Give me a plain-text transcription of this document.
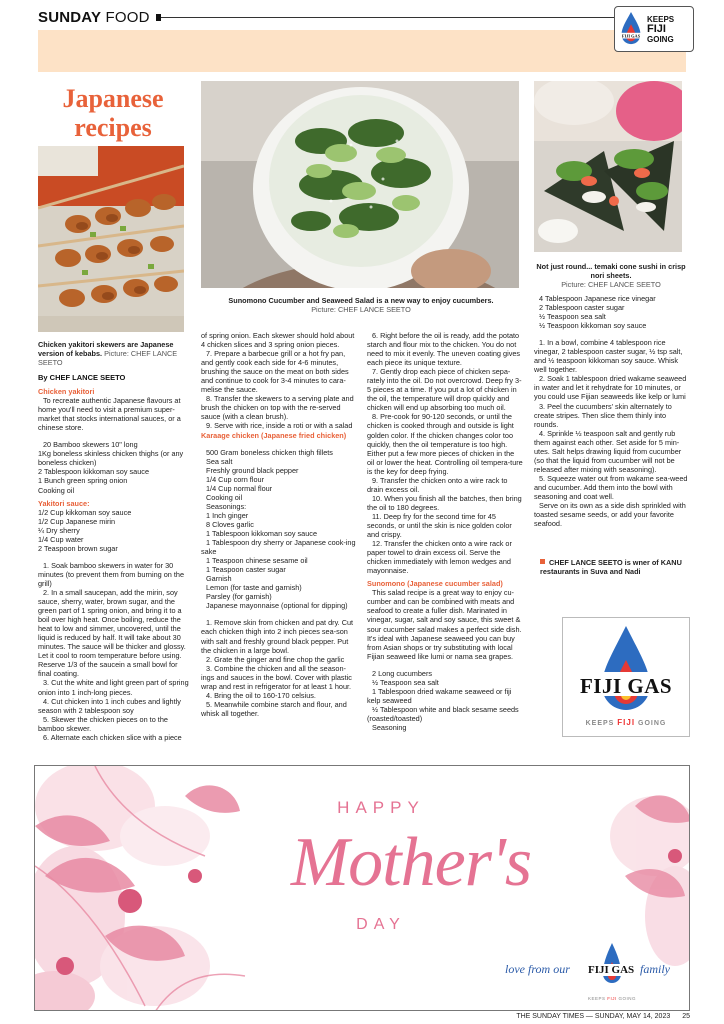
SUNDAY FOOD
FIJI GAS
KEEPS
FIJI
GOING
Japanese
recipes
Chicken yakitori skewers are Japanese version of kebabs. Picture: CHEF LANCE SEETO
Sunomono Cucumber and Seaweed Salad is a new way to enjoy cucumbers.
Picture: CHEF LANCE SEETO
Not just round... temaki cone sushi in crisp nori sheets.
Picture: CHEF LANCE SEETO
By CHEF LANCE SEETO

Chicken yakitori

To recreate authentic Japanese flavours at home you'll need to visit a premium super-market that stocks international sauces, or a chinese store.

20 Bamboo skewers 10" long

1Kg boneless skinless chicken thighs (or any boneless chicken)

2 Tablespoon kikkoman soy sauce

1 Bunch green spring onion

Cooking oil

Yakitori sauce:

1/2 Cup kikkoman soy sauce

1/2 Cup Japanese mirin

¼ Dry sherry

1/4 Cup water

2 Teaspoon brown sugar

1. Soak bamboo skewers in water for 30 minutes (to prevent them from burning on the grill)

2. In a small saucepan, add the mirin, soy sauce, sherry, water, brown sugar, and the green part of 1 spring onion, and bring it to a boil over high heat. Once boiling, reduce the heat to low and simmer, uncovered, until the liquid is reduced by half. It will take about 30 minutes. The sauce will be thicker and glossy. Let it cool to room temperature before using. Reserve 1/3 of the saucein a small bowl for final coating.

3. Cut the white and light green part of spring onion into 1 inch-long pieces.

4. Cut chicken into 1 inch cubes and lightly season with 2 tablespoon soy

5. Skewer the chicken pieces on to the bamboo skewer.

6. Alternate each chicken slice with a piece

of spring onion. Each skewer should hold about 4 chicken slices and 3 spring onion pieces.

7. Prepare a barbecue grill or a hot fry pan, and gently cook each side for 4-6 minutes, brushing the sauce on the meat on both sides and continue to cook for 3-4 minutes to cara-melise the sauce.

8. Transfer the skewers to a serving plate and brush the chicken on top with the re-served sauce (with a clean brush).

9. Serve with rice, inside a roti or with a salad

Karaage chicken (Japanese fried chicken)

500 Gram boneless chicken thigh fillets

Sea salt

Freshly ground black pepper

1/4 Cup corn flour

1/4 Cup normal flour

Cooking oil

Seasonings:

1 Inch ginger

8 Cloves garlic

1 Tablespoon kikkoman soy sauce

1 Tablespoon dry sherry or Japanese cook-ing sake

1 Teaspoon chinese sesame oil

1 Teaspoon caster sugar

Garnish

Lemon (for taste and garnish)

Parsley (for garnish)

Japanese mayonnaise (optional for dipping)

1. Remove skin from chicken and pat dry. Cut each chicken thigh into 2 inch pieces sea-son with salt and freshly ground black pepper. Put the chicken in a large bowl.

2. Grate the ginger and fine chop the garlic

3. Combine the chicken and all the season-ings and sauces in the bowl. Cover with plastic wrap and rest in refrigerator for at least 1 hour.

4. Bring the oil to 160-170 celsius.

5. Meanwhile combine starch and flour, and whisk all together.

6. Right before the oil is ready, add the potato starch and flour mix to the chicken. You do not need to mix it evenly. The uneven coating gives each piece its unique texture.

7. Gently drop each piece of chicken sepa-rately into the oil. Do not overcrowd. Deep fry 3-5 pieces at a time. If you put a lot of chicken in the oil, the temperature will drop quickly and chicken will end up absorbing too much oil.

8. Pre-cook for 90-120 seconds, or until the chicken is cooked through and outside is light golden color. If the chicken changes color too quickly, then the oil temperature is too high. Either put a few more pieces of chicken in the oil or lower the heat. Controlling oil tempera-ture is the key for deep frying.

9. Transfer the chicken onto a wire rack to drain excess oil.

10. When you finish all the batches, then bring the oil to 180 degrees.

11. Deep fry for the second time for 45 seconds, or until the skin is nice golden color and crispy.

12. Transfer the chicken onto a wire rack or paper towel to drain excess oil. Serve the chicken immediately with lemon wedges and mayonnaise.

Sunomono (Japanese cucumber salad)

This salad recipe is a great way to enjoy cu-cumber and can be combined with meats and seafood to create a fuller dish. Marinated in vinegar, sugar, salt and soy sauce, this sweet & sour cucumber salad makes a perfect side dish. It's ideal with Japanese seaweed you can buy from Asian shops or try substituting with local Fijian seaweed like lumi or nama sea grapes.

2 Long cucumbers

½ Teaspoon sea salt

1 Tablespoon dried wakame seaweed or fiji kelp seaweed

½ Tablespoon white and black sesame seeds (roasted/toasted)

Seasoning

4 Tablespoon Japanese rice vinegar

2 Tablespoon caster sugar

½ Teaspoon sea salt

½ Teaspoon kikkoman soy sauce

1. In a bowl, combine 4 tablespoon rice vinegar, 2 tablespoon caster sugar, ½ tsp salt, and ½ teaspoon kikkoman soy sauce. Whisk well together.

2. Soak 1 tablespoon dried wakame seaweed in water and let it rehydrate for 10 minutes, or you could use Fijian seaweeds like kelp or lumi

3. Peel the cucumbers' skin alternately to create stripes. Then slice them thinly into rounds.

4. Sprinkle ½ teaspoon salt and gently rub them against each other. Set aside for 5 min-utes. Salt helps drawing liquid from cucumber (so that the liquid from cucumber will not be released after mixing with seasoning).

5. Squeeze water out from wakame sea-weed and cucumber. Add them into the bowl with seasoning and coat well.

Serve on its own as a side dish sprinkled with toasted sesame seeds, or add your favorite seafood.

CHEF LANCE SEETO is wner of KANU restaurants in Suva and Nadi
FIJI GAS
KEEPS FIJI GOING
HAPPY
Mother's
DAY
love from our FIJI GAS family
KEEPS FIJI GOING
THE SUNDAY TIMES — SUNDAY, MAY 14, 2023 25
